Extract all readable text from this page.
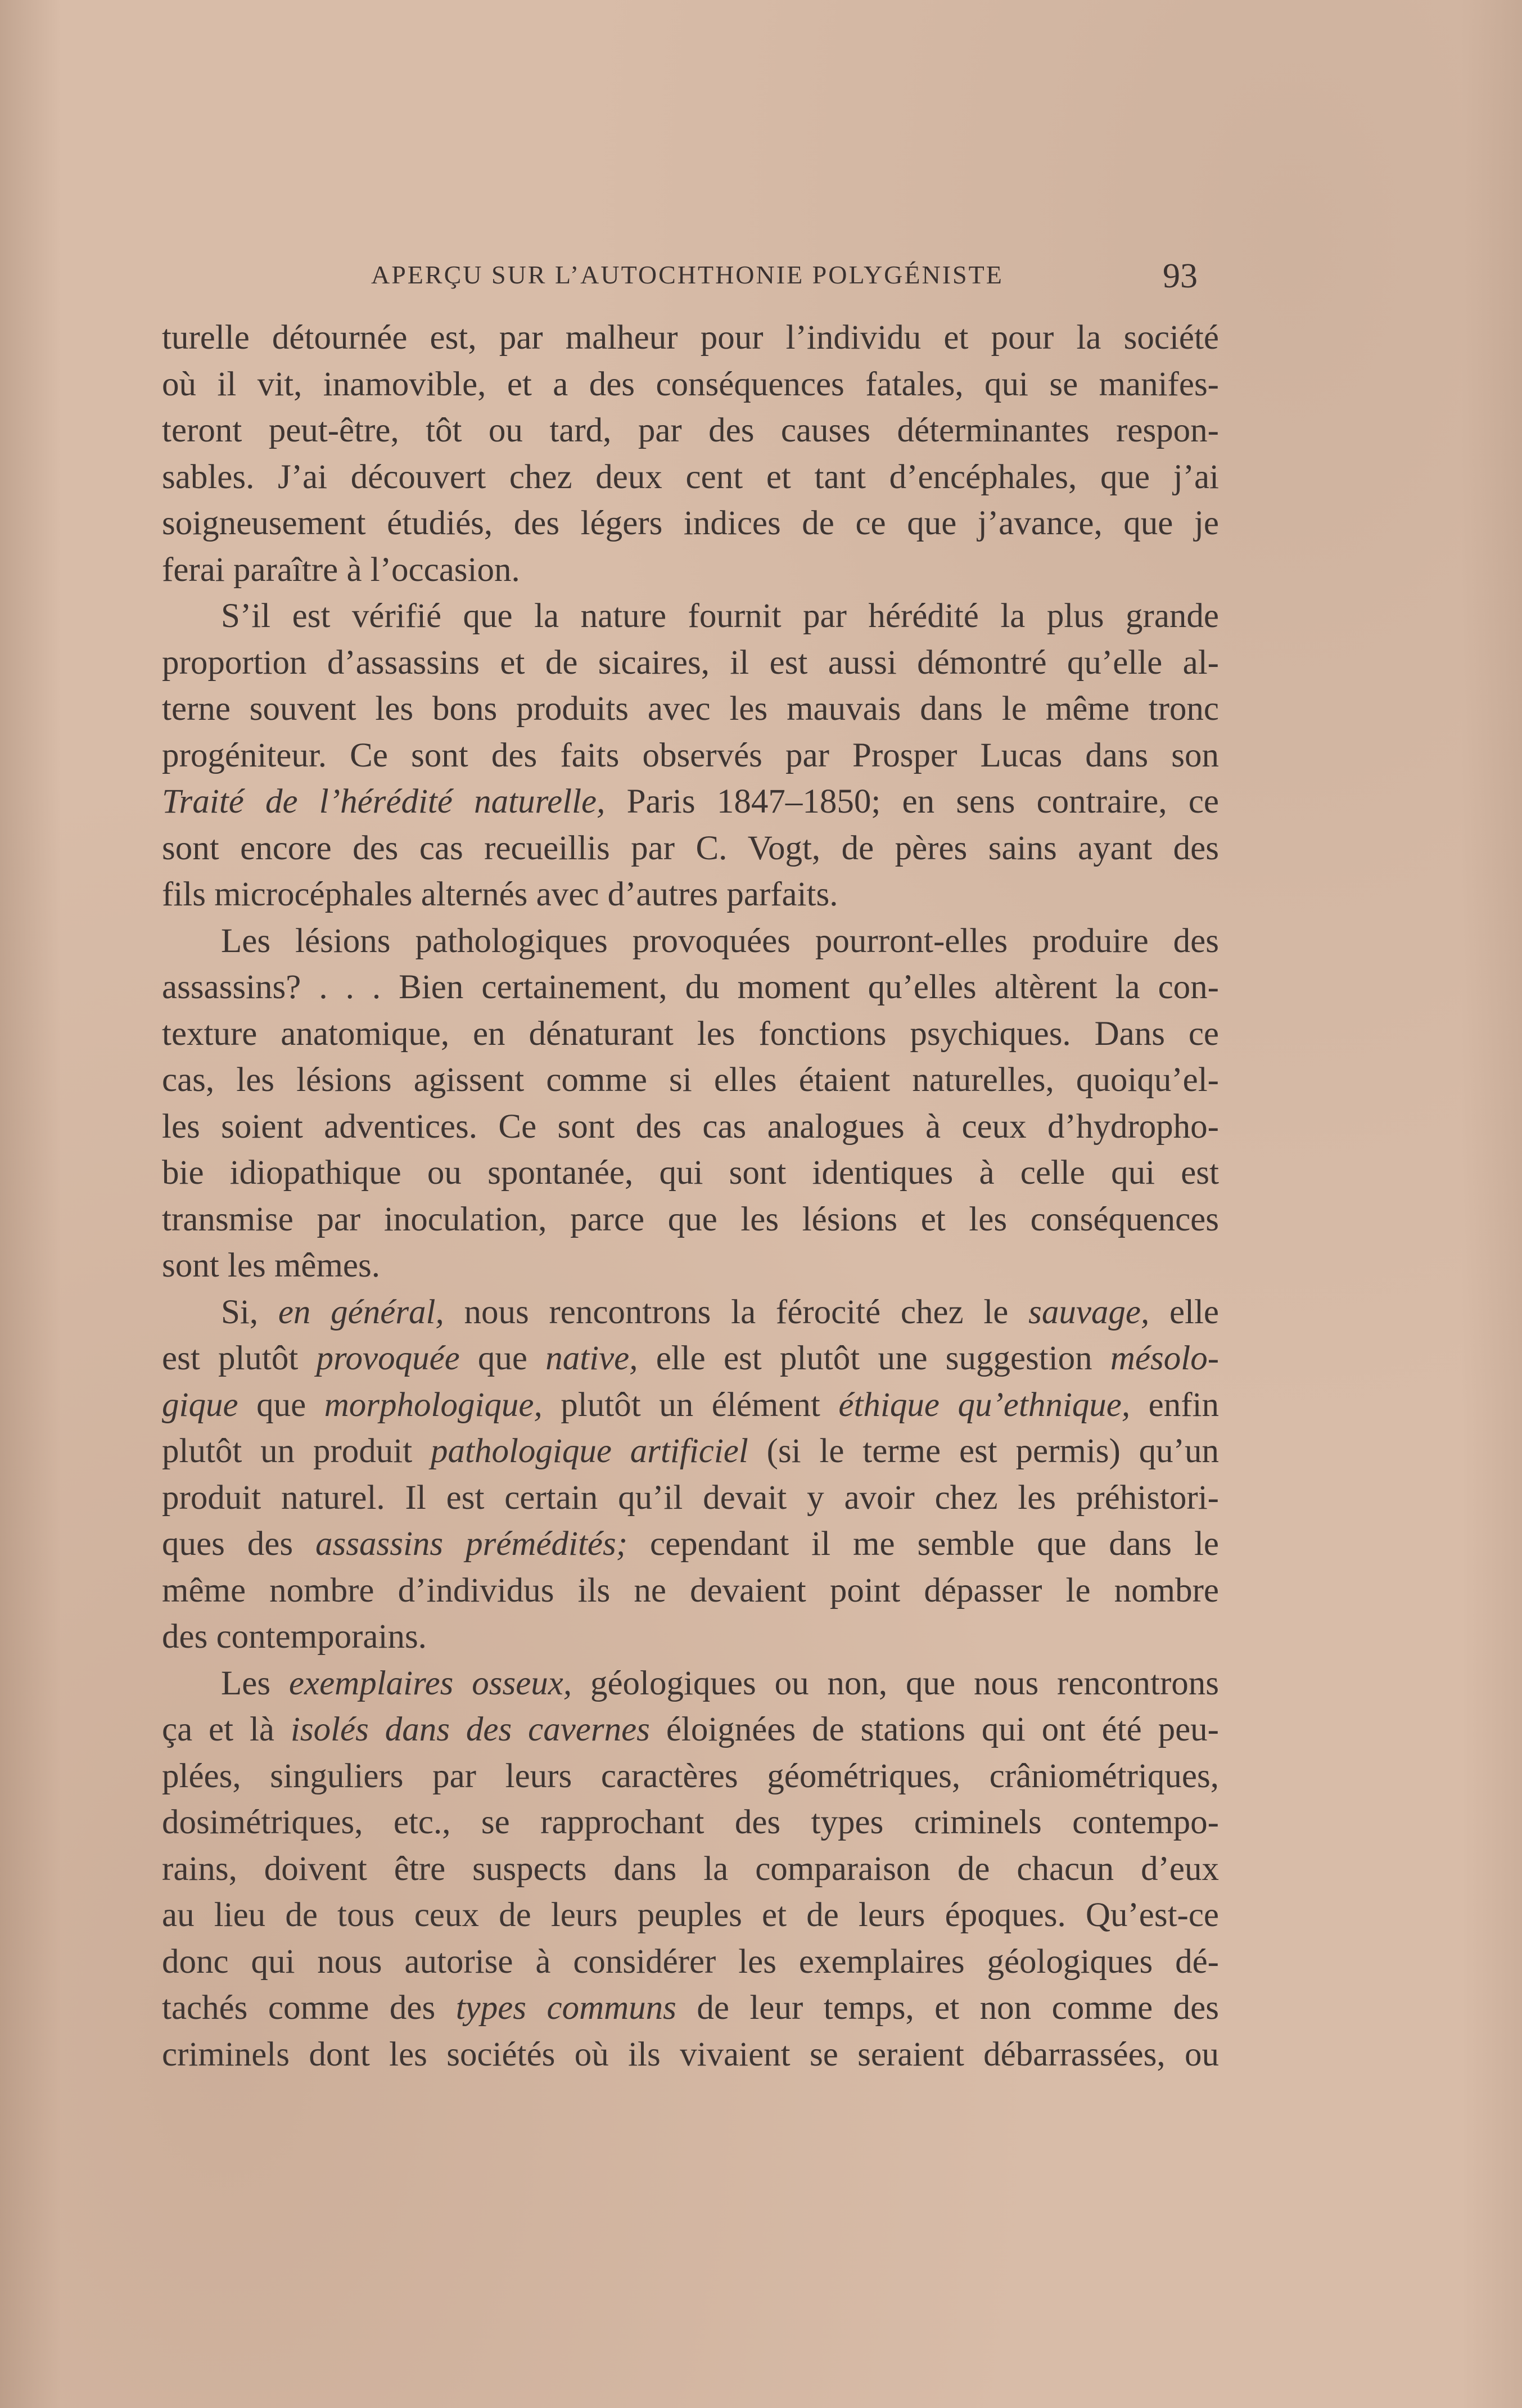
APERÇU SUR L’AUTOCHTHONIE POLYGÉNISTE	93
turelle détournée est, par malheur pour l’individu et pour la société
où il vit, inamovible, et a des conséquences fatales, qui se manifes-
teront peut-être, tôt ou tard, par des causes déterminantes respon-
sables. J’ai découvert chez deux cent et tant d’encéphales, que j’ai
soigneusement étudiés, des légers indices de ce que j’avance, que je
ferai paraître à l’occasion.
S’il est vérifié que la nature fournit par hérédité la plus grande
proportion d’assassins et de sicaires, il est aussi démontré qu’elle al-
terne souvent les bons produits avec les mauvais dans le même tronc
progéniteur. Ce sont des faits observés par Prosper Lucas dans son
Traité de l’hérédité naturelle, Paris 1847–1850; en sens contraire, ce
sont encore des cas recueillis par C. Vogt, de pères sains ayant des
fils microcéphales alternés avec d’autres parfaits.
Les lésions pathologiques provoquées pourront-elles produire des
assassins? . . . Bien certainement, du moment qu’elles altèrent la con-
texture anatomique, en dénaturant les fonctions psychiques. Dans ce
cas, les lésions agissent comme si elles étaient naturelles, quoiqu’el-
les soient adventices. Ce sont des cas analogues à ceux d’hydropho-
bie idiopathique ou spontanée, qui sont identiques à celle qui est
transmise par inoculation, parce que les lésions et les conséquences
sont les mêmes.
Si, en général, nous rencontrons la férocité chez le sauvage, elle
est plutôt provoquée que native, elle est plutôt une suggestion mésolo-
gique que morphologique, plutôt un élément éthique qu’ethnique, enfin
plutôt un produit pathologique artificiel (si le terme est permis) qu’un
produit naturel. Il est certain qu’il devait y avoir chez les préhistori-
ques des assassins prémédités; cependant il me semble que dans le
même nombre d’individus ils ne devaient point dépasser le nombre
des contemporains.
Les exemplaires osseux, géologiques ou non, que nous rencontrons
ça et là isolés dans des cavernes éloignées de stations qui ont été peu-
plées, singuliers par leurs caractères géométriques, crâniométriques,
dosimétriques, etc., se rapprochant des types criminels contempo-
rains, doivent être suspects dans la comparaison de chacun d’eux
au lieu de tous ceux de leurs peuples et de leurs époques. Qu’est-ce
donc qui nous autorise à considérer les exemplaires géologiques dé-
tachés comme des types communs de leur temps, et non comme des
criminels dont les sociétés où ils vivaient se seraient débarrassées, ou
